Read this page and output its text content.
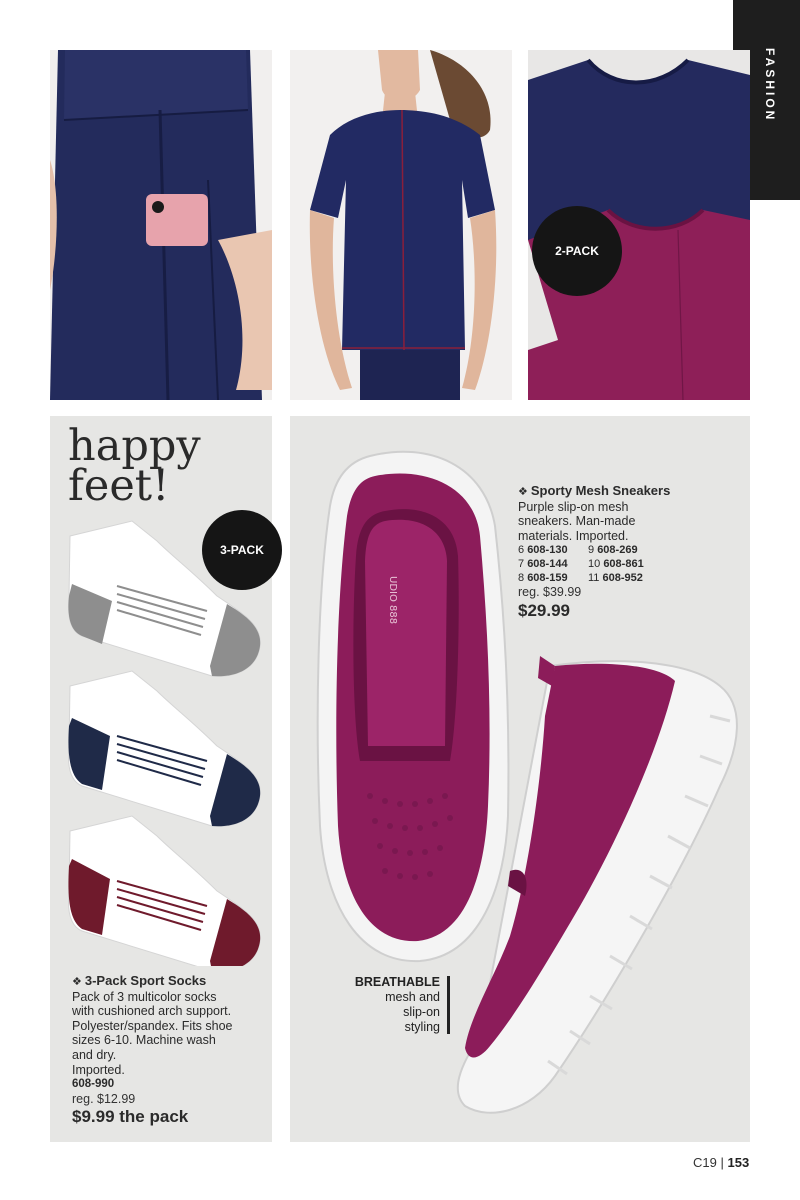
FASHION
2-PACK
happy
feet!
❖ 3-Pack Sport Socks
Pack of 3 multicolor socks
with cushioned arch support.
Polyester/spandex. Fits shoe
sizes 6-10. Machine wash
and dry.
Imported.
608-990
reg. $12.99
$9.99 the pack
3-PACK
UDIO 888
❖ Sporty Mesh Sneakers
Purple slip-on mesh
sneakers. Man-made
materials. Imported.
6 608-130	9 608-269
7 608-144	10 608-861
8 608-159	11 608-952
reg. $39.99
$29.99
BREATHABLE
mesh and
slip-on
styling
C19 | 153
